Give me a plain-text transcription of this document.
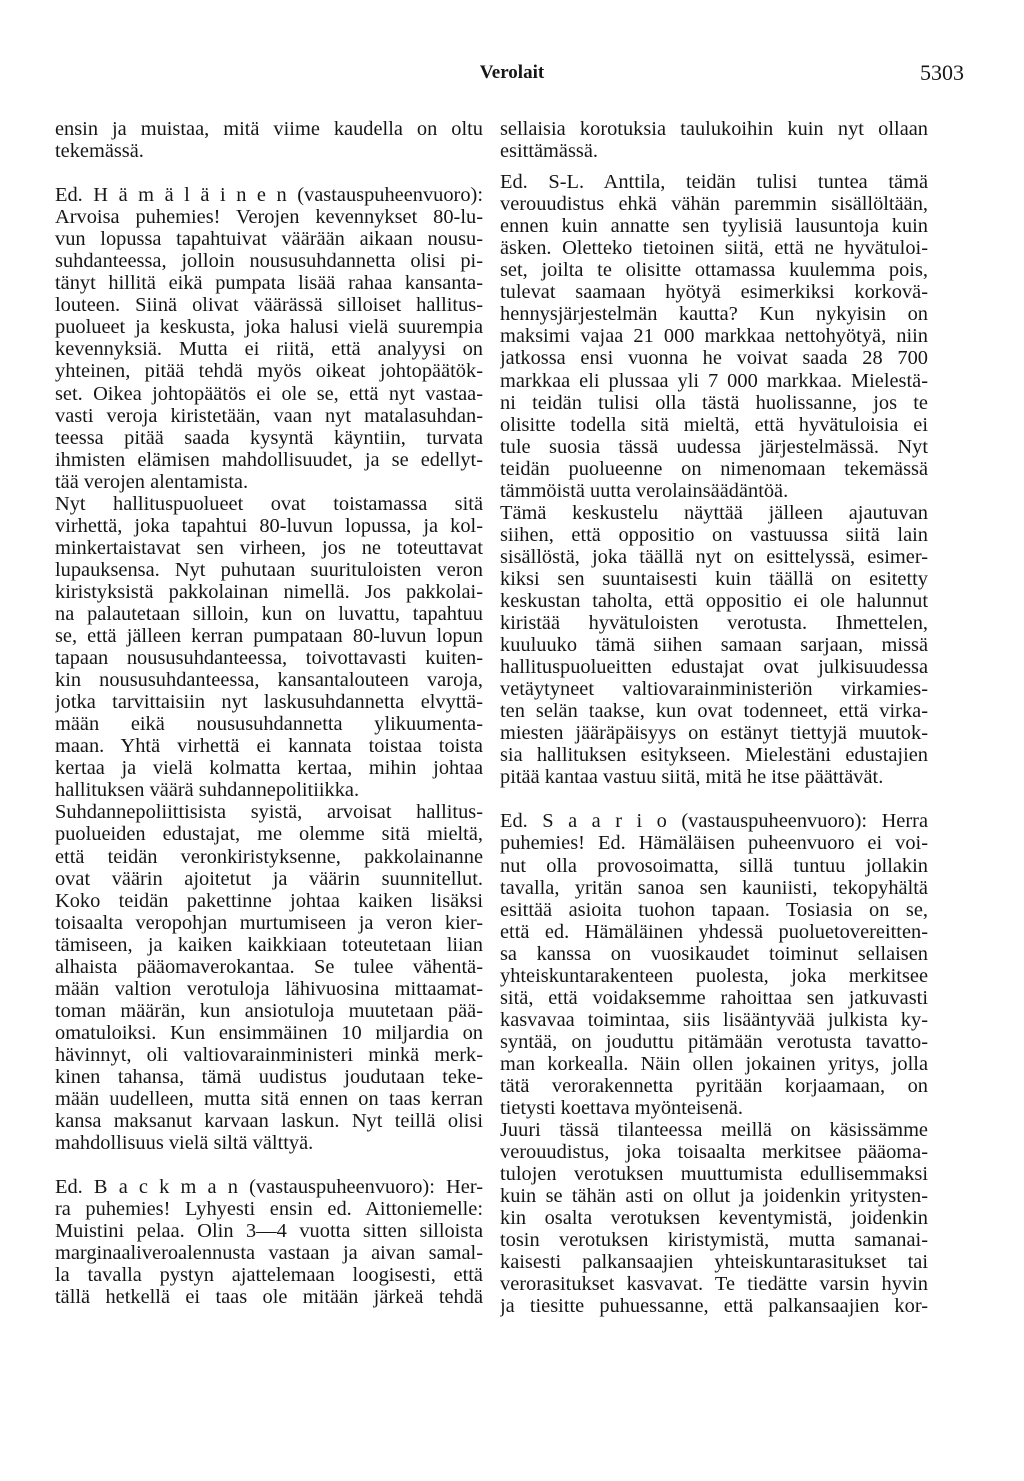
Verolait	5303
ensin ja muistaa, mitä viime kaudella on oltu
tekemässä.
Ed. H ä m ä l ä i n e n (vastauspuheenvuoro):
Arvoisa puhemies! Verojen kevennykset 80-lu-
vun lopussa tapahtuivat väärään aikaan nousu-
suhdanteessa, jolloin noususuhdannetta olisi pi-
tänyt hillitä eikä pumpata lisää rahaa kansanta-
louteen. Siinä olivat väärässä silloiset hallitus-
puolueet ja keskusta, joka halusi vielä suurempia
kevennyksiä. Mutta ei riitä, että analyysi on
yhteinen, pitää tehdä myös oikeat johtopäätök-
set. Oikea johtopäätös ei ole se, että nyt vastaa-
vasti veroja kiristetään, vaan nyt matalasuhdan-
teessa pitää saada kysyntä käyntiin, turvata
ihmisten elämisen mahdollisuudet, ja se edellyt-
tää verojen alentamista.
Nyt hallituspuolueet ovat toistamassa sitä
virhettä, joka tapahtui 80-luvun lopussa, ja kol-
minkertaistavat sen virheen, jos ne toteuttavat
lupauksensa. Nyt puhutaan suurituloisten veron
kiristyksistä pakkolainan nimellä. Jos pakkolai-
na palautetaan silloin, kun on luvattu, tapahtuu
se, että jälleen kerran pumpataan 80-luvun lopun
tapaan noususuhdanteessa, toivottavasti kuiten-
kin noususuhdanteessa, kansantalouteen varoja,
jotka tarvittaisiin nyt laskusuhdannetta elvyttä-
mään eikä noususuhdannetta ylikuumenta-
maan. Yhtä virhettä ei kannata toistaa toista
kertaa ja vielä kolmatta kertaa, mihin johtaa
hallituksen väärä suhdannepolitiikka.
Suhdannepoliittisista syistä, arvoisat hallitus-
puolueiden edustajat, me olemme sitä mieltä,
että teidän veronkiristyksenne, pakkolainanne
ovat väärin ajoitetut ja väärin suunnitellut.
Koko teidän pakettinne johtaa kaiken lisäksi
toisaalta veropohjan murtumiseen ja veron kier-
tämiseen, ja kaiken kaikkiaan toteutetaan liian
alhaista pääomaverokantaa. Se tulee vähentä-
mään valtion verotuloja lähivuosina mittaamat-
toman määrän, kun ansiotuloja muutetaan pää-
omatuloiksi. Kun ensimmäinen 10 miljardia on
hävinnyt, oli valtiovarainministeri minkä merk-
kinen tahansa, tämä uudistus joudutaan teke-
mään uudelleen, mutta sitä ennen on taas kerran
kansa maksanut karvaan laskun. Nyt teillä olisi
mahdollisuus vielä siltä välttyä.
Ed. B a c k m a n (vastauspuheenvuoro): Her-
ra puhemies! Lyhyesti ensin ed. Aittoniemelle:
Muistini pelaa. Olin 3—4 vuotta sitten silloista
marginaaliveroalennusta vastaan ja aivan samal-
la tavalla pystyn ajattelemaan loogisesti, että
tällä hetkellä ei taas ole mitään järkeä tehdä
sellaisia korotuksia taulukoihin kuin nyt ollaan
esittämässä.
Ed. S-L. Anttila, teidän tulisi tuntea tämä
verouudistus ehkä vähän paremmin sisällöltään,
ennen kuin annatte sen tyylisiä lausuntoja kuin
äsken. Oletteko tietoinen siitä, että ne hyvätuloi-
set, joilta te olisitte ottamassa kuulemma pois,
tulevat saamaan hyötyä esimerkiksi korkovä-
hennysjärjestelmän kautta? Kun nykyisin on
maksimi vajaa 21 000 markkaa nettohyötyä, niin
jatkossa ensi vuonna he voivat saada 28 700
markkaa eli plussaa yli 7 000 markkaa. Mielestä-
ni teidän tulisi olla tästä huolissanne, jos te
olisitte todella sitä mieltä, että hyvätuloisia ei
tule suosia tässä uudessa järjestelmässä. Nyt
teidän puolueenne on nimenomaan tekemässä
tämmöistä uutta verolainsäädäntöä.
Tämä keskustelu näyttää jälleen ajautuvan
siihen, että oppositio on vastuussa siitä lain
sisällöstä, joka täällä nyt on esittelyssä, esimer-
kiksi sen suuntaisesti kuin täällä on esitetty
keskustan taholta, että oppositio ei ole halunnut
kiristää hyvätuloisten verotusta. Ihmettelen,
kuuluuko tämä siihen samaan sarjaan, missä
hallituspuolueitten edustajat ovat julkisuudessa
vetäytyneet valtiovarainministeriön virkamies-
ten selän taakse, kun ovat todenneet, että virka-
miesten jääräpäisyys on estänyt tiettyjä muutok-
sia hallituksen esitykseen. Mielestäni edustajien
pitää kantaa vastuu siitä, mitä he itse päättävät.
Ed. S a a r i o (vastauspuheenvuoro): Herra
puhemies! Ed. Hämäläisen puheenvuoro ei voi-
nut olla provosoimatta, sillä tuntuu jollakin
tavalla, yritän sanoa sen kauniisti, tekopyhältä
esittää asioita tuohon tapaan. Tosiasia on se,
että ed. Hämäläinen yhdessä puoluetovereitten-
sa kanssa on vuosikaudet toiminut sellaisen
yhteiskuntarakenteen puolesta, joka merkitsee
sitä, että voidaksemme rahoittaa sen jatkuvasti
kasvavaa toimintaa, siis lisääntyvää julkista ky-
syntää, on jouduttu pitämään verotusta tavatto-
man korkealla. Näin ollen jokainen yritys, jolla
tätä verorakennetta pyritään korjaamaan, on
tietysti koettava myönteisenä.
Juuri tässä tilanteessa meillä on käsissämme
verouudistus, joka toisaalta merkitsee pääoma-
tulojen verotuksen muuttumista edullisemmaksi
kuin se tähän asti on ollut ja joidenkin yritysten-
kin osalta verotuksen keventymistä, joidenkin
tosin verotuksen kiristymistä, mutta samanai-
kaisesti palkansaajien yhteiskuntarasitukset tai
verorasitukset kasvavat. Te tiedätte varsin hyvin
ja tiesitte puhuessanne, että palkansaajien kor-
